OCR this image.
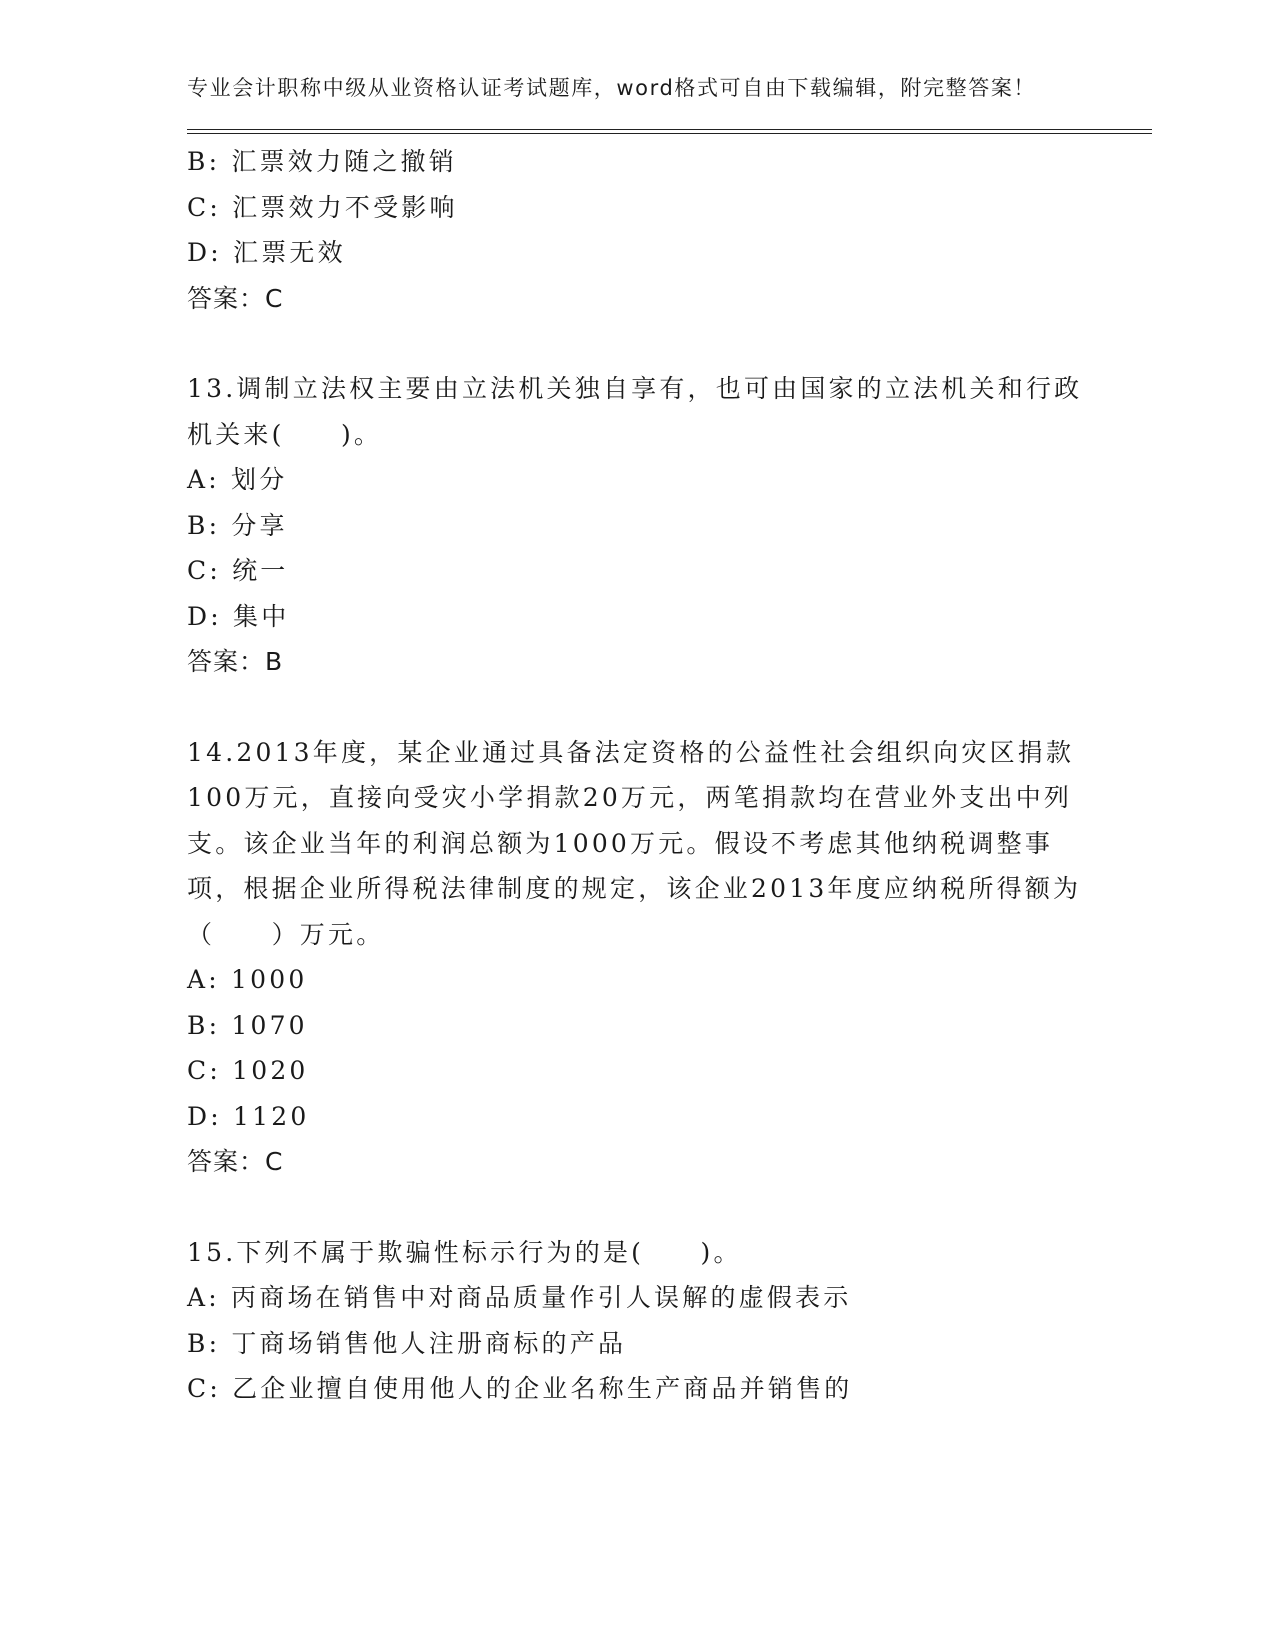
专业会计职称中级从业资格认证考试题库，word格式可自由下载编辑，附完整答案！
B: 汇票效力随之撤销
C: 汇票效力不受影响
D: 汇票无效
答案：C
13.调制立法权主要由立法机关独自享有，也可由国家的立法机关和行政机关来(　　)。
A: 划分
B: 分享
C: 统一
D: 集中
答案：B
14.2013年度，某企业通过具备法定资格的公益性社会组织向灾区捐款100万元，直接向受灾小学捐款20万元，两笔捐款均在营业外支出中列支。该企业当年的利润总额为1000万元。假设不考虑其他纳税调整事项，根据企业所得税法律制度的规定，该企业2013年度应纳税所得额为（　　）万元。
A: 1000
B: 1070
C: 1020
D: 1120
答案：C
15.下列不属于欺骗性标示行为的是(　　)。
A: 丙商场在销售中对商品质量作引人误解的虚假表示
B: 丁商场销售他人注册商标的产品
C: 乙企业擅自使用他人的企业名称生产商品并销售的
